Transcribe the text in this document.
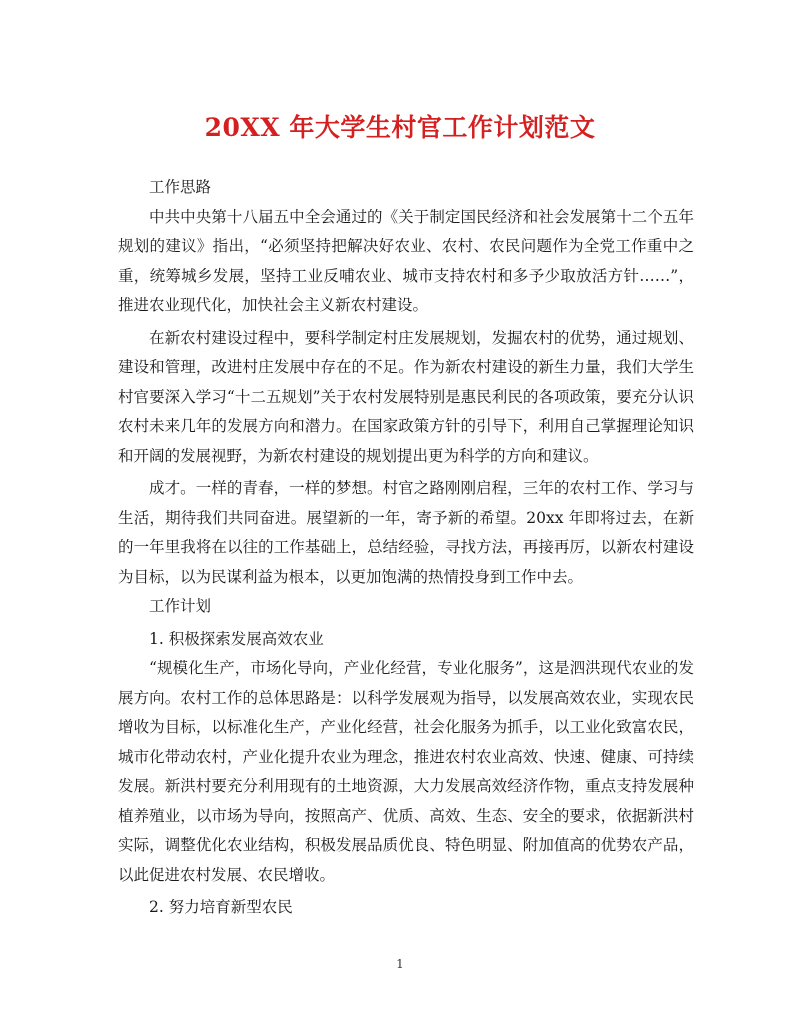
20XX 年大学生村官工作计划范文

工作思路

中共中央第十八届五中全会通过的《关于制定国民经济和社会发展第十二个五年规划的建议》指出，“必须坚持把解决好农业、农村、农民问题作为全党工作重中之重，统筹城乡发展，坚持工业反哺农业、城市支持农村和多予少取放活方针……”， 推进农业现代化，加快社会主义新农村建设。

在新农村建设过程中，要科学制定村庄发展规划，发掘农村的优势，通过规划、建设和管理，改进村庄发展中存在的不足。作为新农村建设的新生力量，我们大学生村官要深入学习“十二五规划”关于农村发展特别是惠民利民的各项政策，要充分认识农村未来几年的发展方向和潜力。在国家政策方针的引导下，利用自己掌握理论知识和开阔的发展视野，为新农村建设的规划提出更为科学的方向和建议。

成才。一样的青春，一样的梦想。村官之路刚刚启程，三年的农村工作、学习与生活，期待我们共同奋进。展望新的一年，寄予新的希望。20xx 年即将过去，在新的一年里我将在以往的工作基础上，总结经验，寻找方法，再接再厉，以新农村建设为目标，以为民谋利益为根本，以更加饱满的热情投身到工作中去。

工作计划

1. 积极探索发展高效农业

“规模化生产，市场化导向，产业化经营，专业化服务”，这是泗洪现代农业的发展方向。农村工作的总体思路是：以科学发展观为指导，以发展高效农业，实现农民增收为目标，以标准化生产，产业化经营，社会化服务为抓手，以工业化致富农民，城市化带动农村，产业化提升农业为理念，推进农村农业高效、快速、健康、可持续发展。新洪村要充分利用现有的土地资源，大力发展高效经济作物，重点支持发展种植养殖业，以市场为导向，按照高产、优质、高效、生态、安全的要求，依据新洪村实际，调整优化农业结构，积极发展品质优良、特色明显、附加值高的优势农产品，以此促进农村发展、农民增收。

2. 努力培育新型农民

1
